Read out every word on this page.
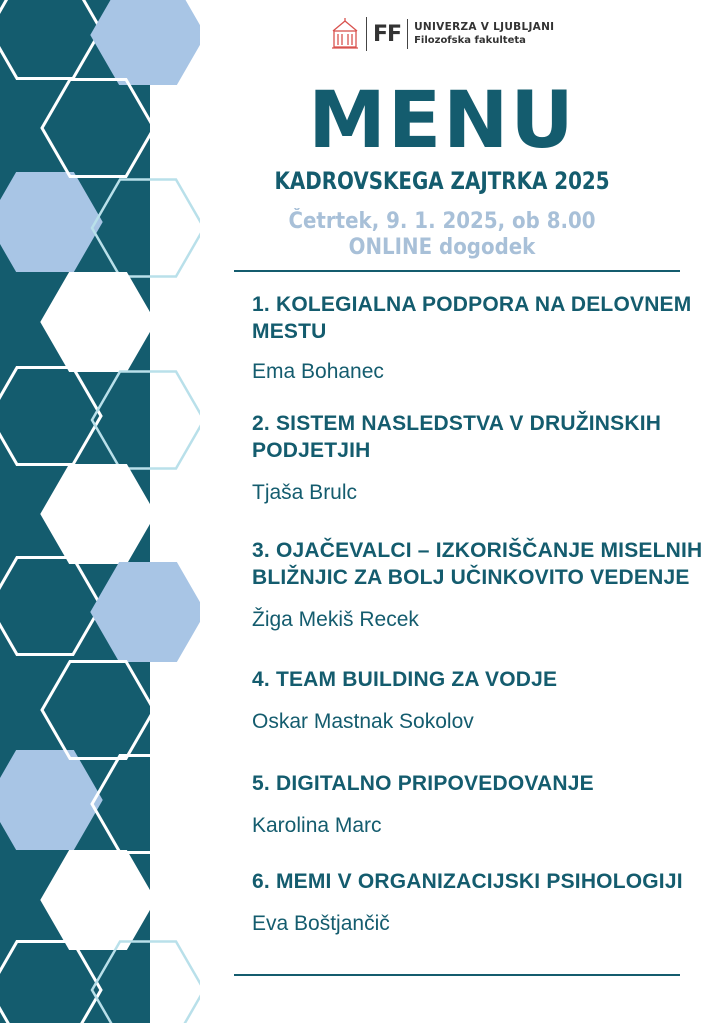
FF UNIVERZA V LJUBLJANI
Filozofska fakulteta
MENU
KADROVSKEGA ZAJTRKA 2025
Četrtek, 9. 1. 2025, ob 8.00
ONLINE dogodek
1. KOLEGIALNA PODPORA NA DELOVNEM
MESTU
Ema Bohanec
2. SISTEM NASLEDSTVA V DRUŽINSKIH
PODJETJIH
Tjaša Brulc
3. OJAČEVALCI – IZKORIŠČANJE MISELNIH
BLIŽNJIC ZA BOLJ UČINKOVITO VEDENJE
Žiga Mekiš Recek
4. TEAM BUILDING ZA VODJE
Oskar Mastnak Sokolov
5. DIGITALNO PRIPOVEDOVANJE
Karolina Marc
6. MEMI V ORGANIZACIJSKI PSIHOLOGIJI
Eva Boštjančič
